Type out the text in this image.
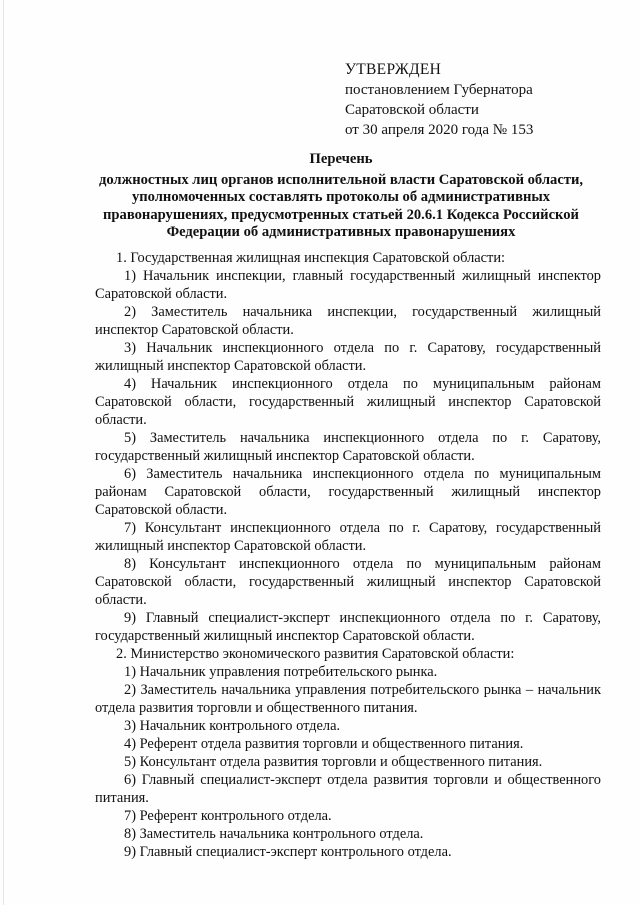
УТВЕРЖДЕН
постановлением Губернатора
Саратовской области
от 30 апреля 2020 года № 153
Перечень
должностных лиц органов исполнительной власти Саратовской области, уполномоченных составлять протоколы об административных правонарушениях, предусмотренных статьей 20.6.1 Кодекса Российской Федерации об административных правонарушениях

1. Государственная жилищная инспекция Саратовской области:

1) Начальник инспекции, главный государственный жилищный инспектор Саратовской области.

2) Заместитель начальника инспекции, государственный жилищный инспектор Саратовской области.

3) Начальник инспекционного отдела по г. Саратову, государственный жилищный инспектор Саратовской области.

4) Начальник инспекционного отдела по муниципальным районам Саратовской области, государственный жилищный инспектор Саратовской области.

5) Заместитель начальника инспекционного отдела по г. Саратову, государственный жилищный инспектор Саратовской области.

6) Заместитель начальника инспекционного отдела по муниципальным районам Саратовской области, государственный жилищный инспектор Саратовской области.

7) Консультант инспекционного отдела по г. Саратову, государственный жилищный инспектор Саратовской области.

8) Консультант инспекционного отдела по муниципальным районам Саратовской области, государственный жилищный инспектор Саратовской области.

9) Главный специалист-эксперт инспекционного отдела по г. Саратову, государственный жилищный инспектор Саратовской области.

2. Министерство экономического развития Саратовской области:

1) Начальник управления потребительского рынка.

2) Заместитель начальника управления потребительского рынка – начальник отдела развития торговли и общественного питания.

3) Начальник контрольного отдела.

4) Референт отдела развития торговли и общественного питания.

5) Консультант отдела развития торговли и общественного питания.

6) Главный специалист-эксперт отдела развития торговли и общественного питания.

7) Референт контрольного отдела.

8) Заместитель начальника контрольного отдела.

9) Главный специалист-эксперт контрольного отдела.
